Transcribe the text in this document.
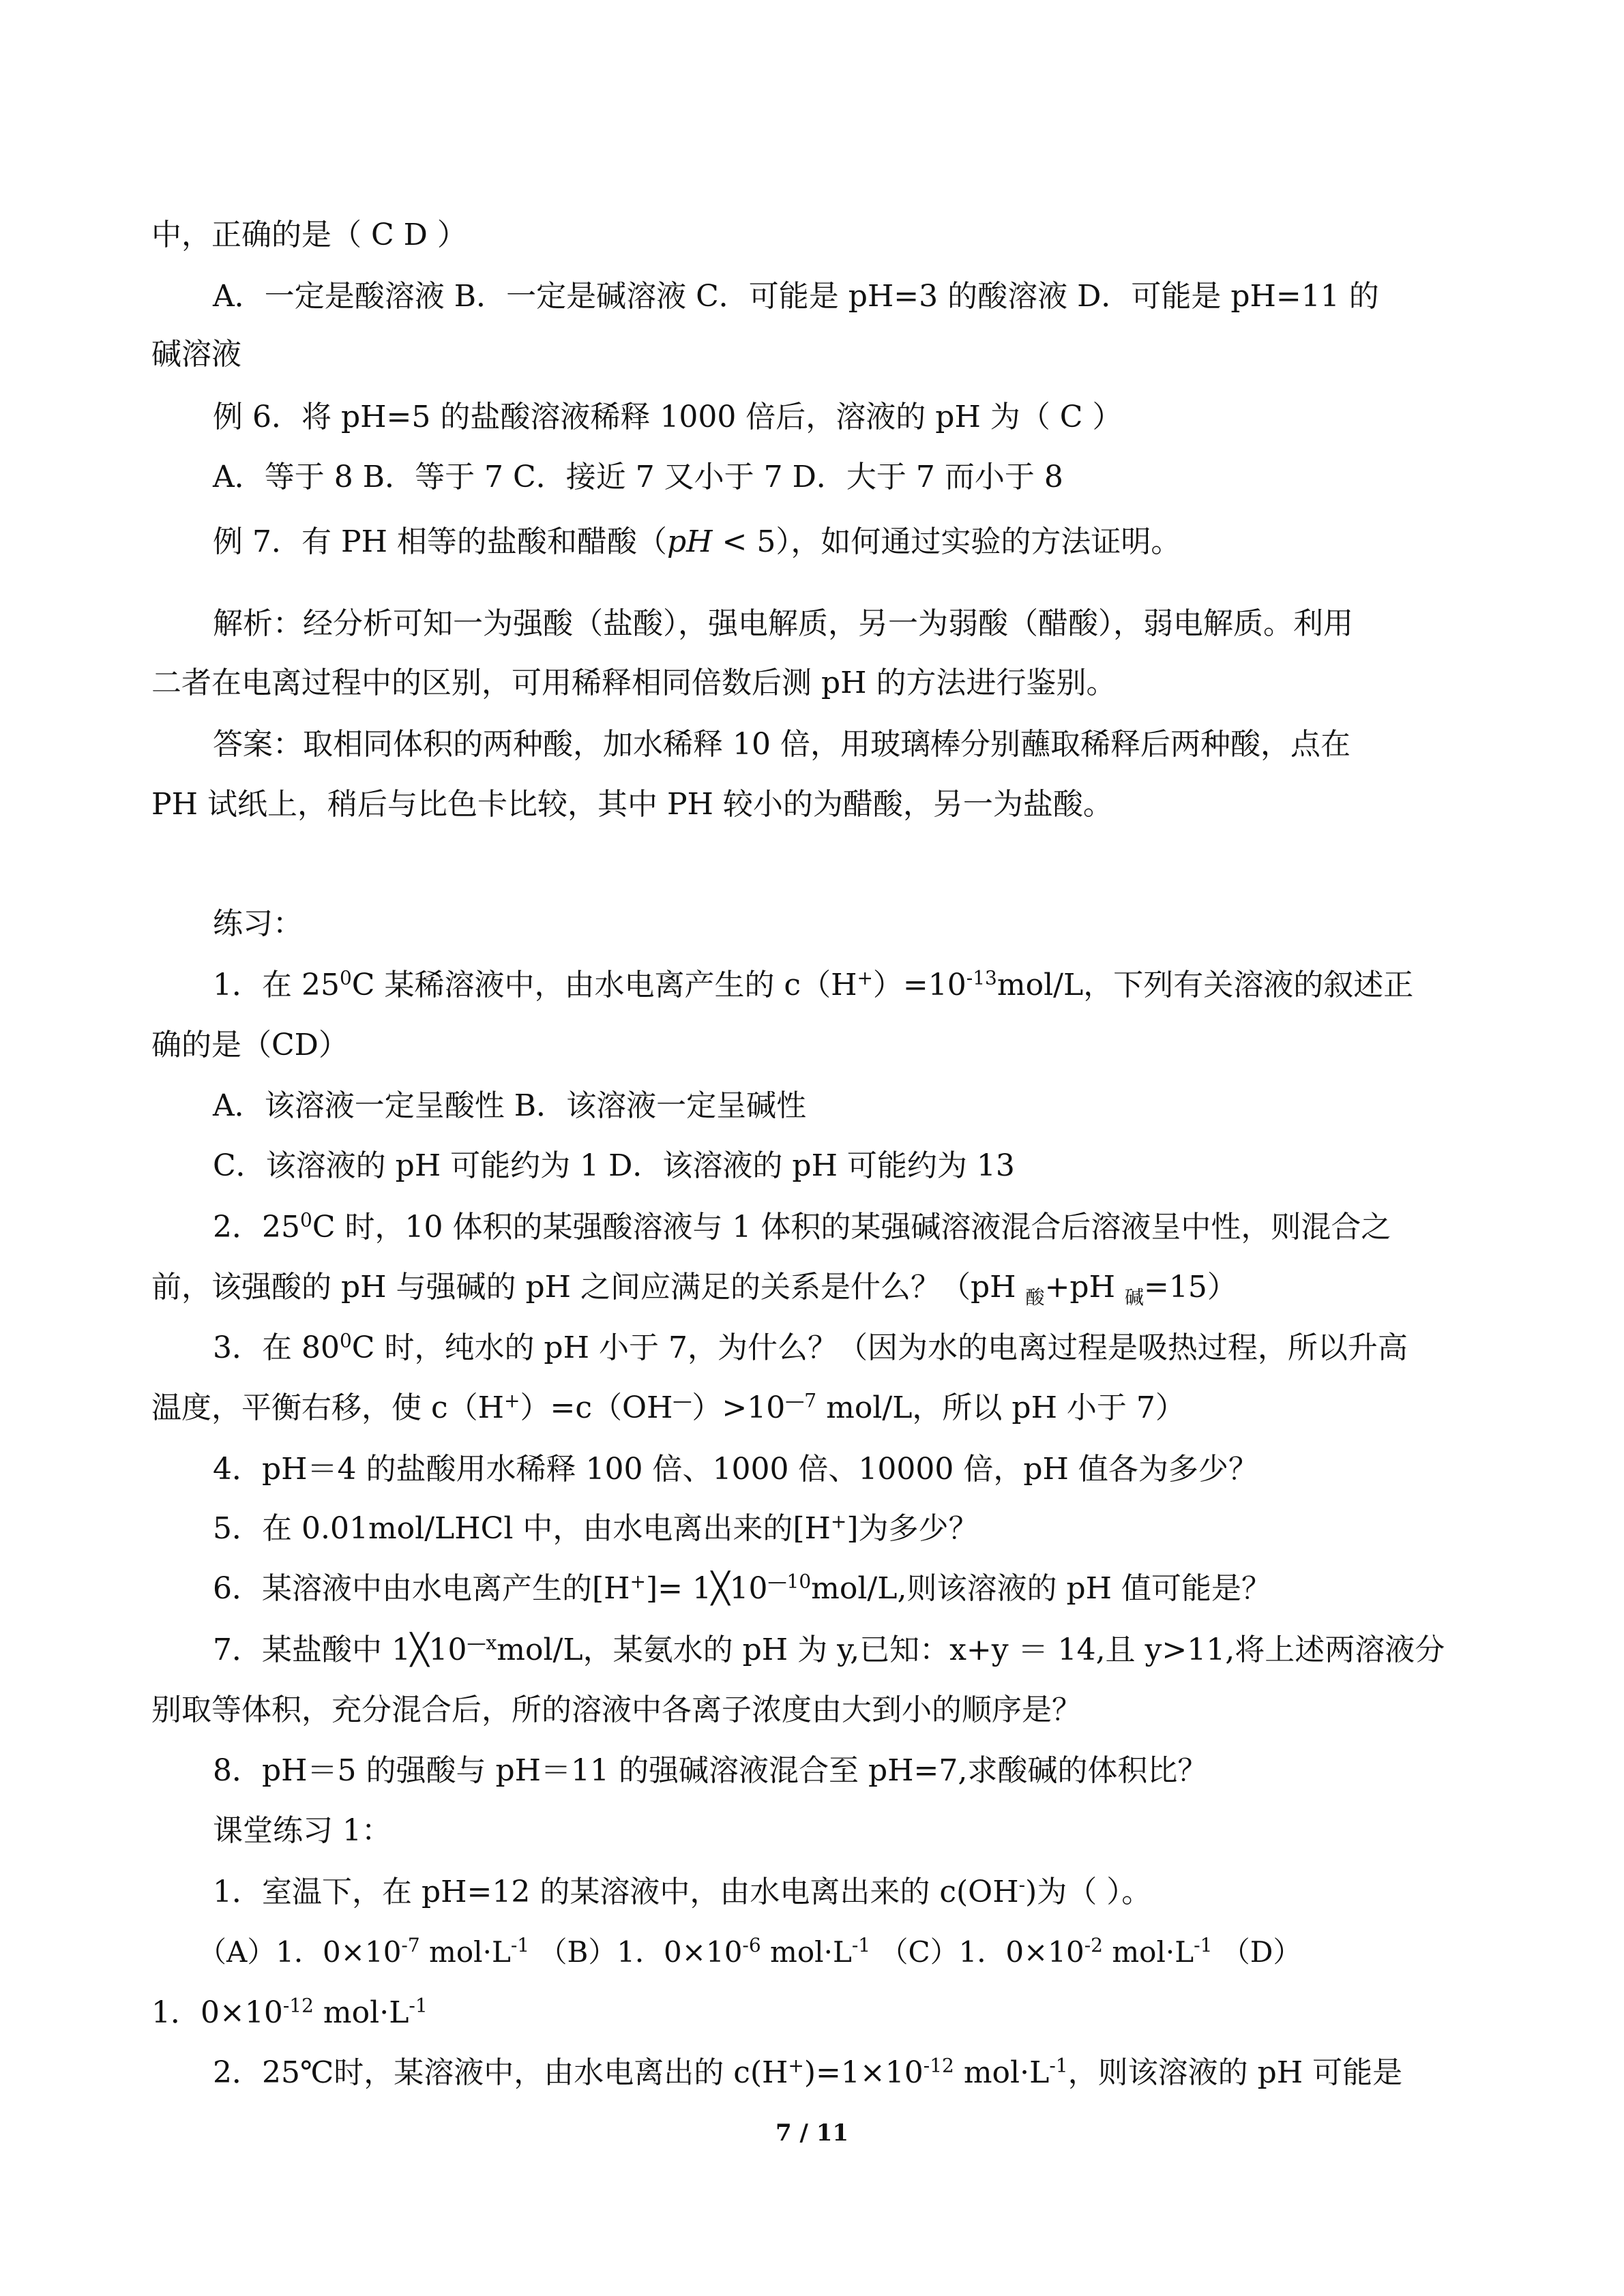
中，正确的是（ C D ）
A．一定是酸溶液 B．一定是碱溶液 C．可能是 pH=3 的酸溶液 D．可能是 pH=11 的
碱溶液
例 6．将 pH=5 的盐酸溶液稀释 1000 倍后，溶液的 pH 为（ C ）
A．等于 8 B．等于 7 C．接近 7 又小于 7 D．大于 7 而小于 8
例 7．有 PH 相等的盐酸和醋酸（pH < 5），如何通过实验的方法证明。
解析：经分析可知一为强酸（盐酸），强电解质，另一为弱酸（醋酸），弱电解质。利用
二者在电离过程中的区别，可用稀释相同倍数后测 pH 的方法进行鉴别。
答案：取相同体积的两种酸，加水稀释 10 倍，用玻璃棒分别蘸取稀释后两种酸，点在
PH 试纸上，稍后与比色卡比较，其中 PH 较小的为醋酸，另一为盐酸。
练习：
1．在 $25^0C$ 某稀溶液中，由水电离产生的 $c(H^+)=10^{-13}mol/L$，下列有关溶液的叙述正
确的是（CD）
A．该溶液一定呈酸性 B．该溶液一定呈碱性
C．该溶液的 pH 可能约为 1 D．该溶液的 pH 可能约为 13
2．$25^0C$ 时，10 体积的某强酸溶液与 1 体积的某强碱溶液混合后溶液呈中性，则混合之
前，该强酸的 pH 与强碱的 pH 之间应满足的关系是什么？（pH $_酸$+pH $_碱$=15）
3．在 $80^0C$ 时，纯水的 pH 小于 7，为什么？（因为水的电离过程是吸热过程，所以升高
温度，平衡右移，使 $c(H^+)=c(OH^—)>10^{—7}$ mol/L，所以 pH 小于 7）
4．pH＝4 的盐酸用水稀释 100 倍、1000 倍、10000 倍，pH 值各为多少？
5．在 0.01mol/LHCl 中，由水电离出来的[H+]为多少？
6．某溶液中由水电离产生的$[H^+]= 1╳10^{—10}mol/L$,则该溶液的 pH 值可能是？
7．某盐酸中 $1╳10^{—x}mol/L$，某氨水的 pH 为 y,已知：x+y ＝ 14,且 y>11,将上述两溶液分
别取等体积，充分混合后，所的溶液中各离子浓度由大到小的顺序是？
8．pH＝5 的强酸与 pH＝11 的强碱溶液混合至 pH=7,求酸碱的体积比？
课堂练习 1：
1．室温下，在 pH=12 的某溶液中，由水电离出来的 c(OH-)为（ ）。
（A）1．$0\times 10^{-7}$ $mol\cdot L^{-1}$ （B）1．$0\times 10^{-6}$ $mol\cdot L^{-1}$ （C）1．$0\times 10^{-2}$ $mol\cdot L^{-1}$ （D）
1．$0\times 10^{-12}$ $mol\cdot L^{-1}$
2．25℃时，某溶液中，由水电离出的 $c(H^+)=1\times 10^{-12}$ $mol\cdot L^{-1}$，则该溶液的 pH 可能是
7 / 11
